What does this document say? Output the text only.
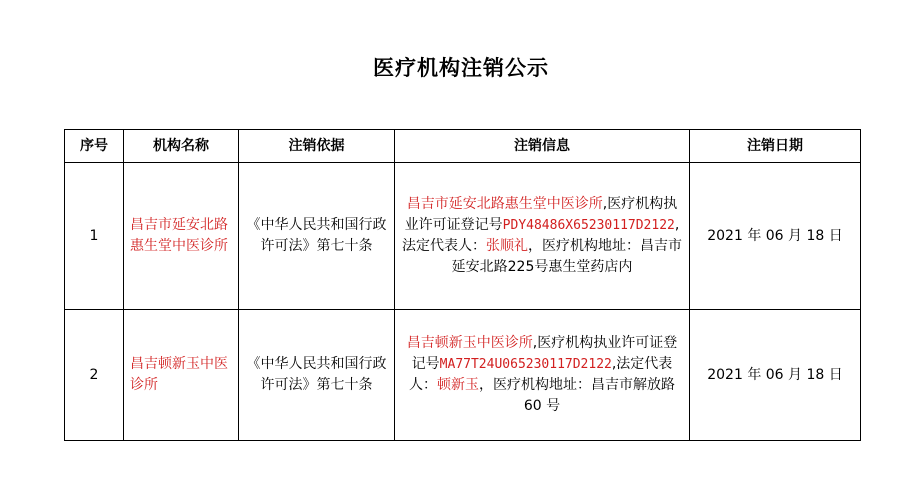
医疗机构注销公示
序号	机构名称	注销依据	注销信息	注销日期
1	昌吉市延安北路惠生堂中医诊所	《中华人民共和国行政许可法》第七十条	昌吉市延安北路惠生堂中医诊所,医疗机构执业许可证登记号PDY48486X65230117D2122,法定代表人：张顺礼，医疗机构地址：昌吉市延安北路225号惠生堂药店内	2021 年 06 月 18 日
2	昌吉顿新玉中医诊所	《中华人民共和国行政许可法》第七十条	昌吉顿新玉中医诊所,医疗机构执业许可证登记号MA77T24U065230117D2122,法定代表人：顿新玉，医疗机构地址：昌吉市解放路 60 号	2021 年 06 月 18 日
